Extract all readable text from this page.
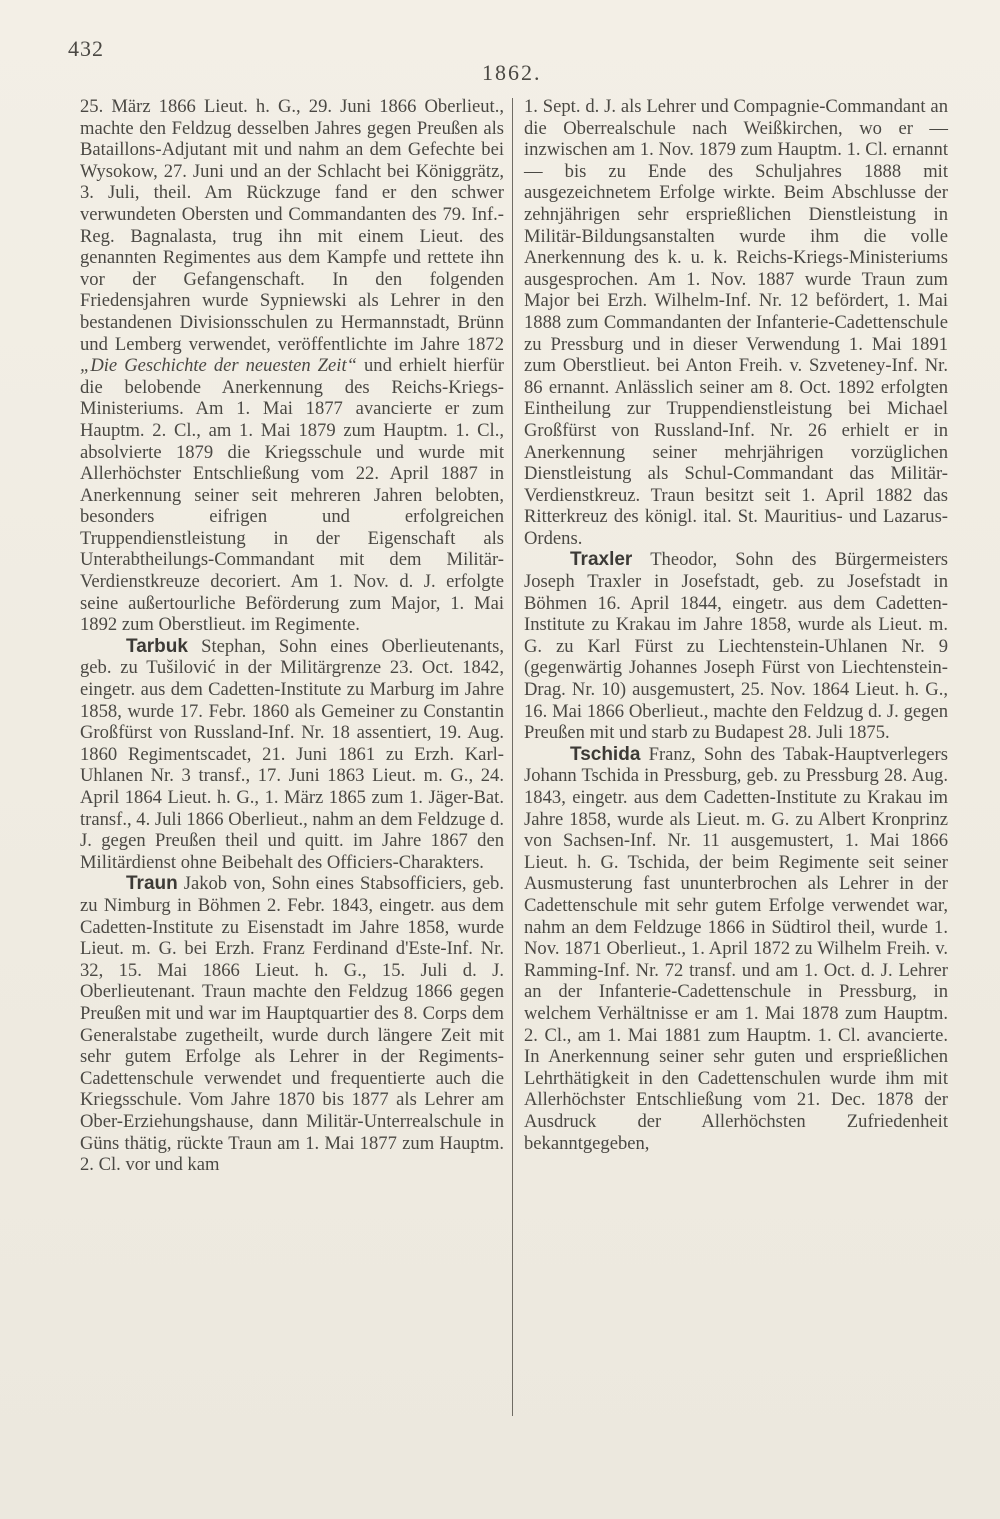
432
1862.

25. März 1866 Lieut. h. G., 29. Juni 1866 Oberlieut., machte den Feldzug desselben Jahres gegen Preußen als Bataillons-Adjutant mit und nahm an dem Gefechte bei Wysokow, 27. Juni und an der Schlacht bei Königgrätz, 3. Juli, theil. Am Rückzuge fand er den schwer verwundeten Obersten und Commandanten des 79. Inf.-Reg. Bagnalasta, trug ihn mit einem Lieut. des genannten Regimentes aus dem Kampfe und rettete ihn vor der Gefangenschaft. In den folgenden Friedensjahren wurde Sypniewski als Lehrer in den bestandenen Divisionsschulen zu Hermannstadt, Brünn und Lemberg verwendet, veröffentlichte im Jahre 1872 „Die Geschichte der neuesten Zeit“ und erhielt hierfür die belobende Anerkennung des Reichs-Kriegs-Ministeriums. Am 1. Mai 1877 avancierte er zum Hauptm. 2. Cl., am 1. Mai 1879 zum Hauptm. 1. Cl., absolvierte 1879 die Kriegsschule und wurde mit Allerhöchster Entschließung vom 22. April 1887 in Anerkennung seiner seit mehreren Jahren belobten, besonders eifrigen und erfolgreichen Truppendienstleistung in der Eigenschaft als Unterabtheilungs-Commandant mit dem Militär-Verdienstkreuze decoriert. Am 1. Nov. d. J. erfolgte seine außertourliche Beförderung zum Major, 1. Mai 1892 zum Oberstlieut. im Regimente.

Tarbuk Stephan, Sohn eines Oberlieutenants, geb. zu Tušilović in der Militärgrenze 23. Oct. 1842, eingetr. aus dem Cadetten-Institute zu Marburg im Jahre 1858, wurde 17. Febr. 1860 als Gemeiner zu Constantin Großfürst von Russland-Inf. Nr. 18 assentiert, 19. Aug. 1860 Regimentscadet, 21. Juni 1861 zu Erzh. Karl-Uhlanen Nr. 3 transf., 17. Juni 1863 Lieut. m. G., 24. April 1864 Lieut. h. G., 1. März 1865 zum 1. Jäger-Bat. transf., 4. Juli 1866 Oberlieut., nahm an dem Feldzuge d. J. gegen Preußen theil und quitt. im Jahre 1867 den Militärdienst ohne Beibehalt des Officiers-Charakters.

Traun Jakob von, Sohn eines Stabsofficiers, geb. zu Nimburg in Böhmen 2. Febr. 1843, eingetr. aus dem Cadetten-Institute zu Eisenstadt im Jahre 1858, wurde Lieut. m. G. bei Erzh. Franz Ferdinand d'Este-Inf. Nr. 32, 15. Mai 1866 Lieut. h. G., 15. Juli d. J. Oberlieutenant. Traun machte den Feldzug 1866 gegen Preußen mit und war im Hauptquartier des 8. Corps dem Generalstabe zugetheilt, wurde durch längere Zeit mit sehr gutem Erfolge als Lehrer in der Regiments-Cadettenschule verwendet und frequentierte auch die Kriegsschule. Vom Jahre 1870 bis 1877 als Lehrer am Ober-Erziehungshause, dann Militär-Unterrealschule in Güns thätig, rückte Traun am 1. Mai 1877 zum Hauptm. 2. Cl. vor und kam

1. Sept. d. J. als Lehrer und Compagnie-Commandant an die Oberrealschule nach Weißkirchen, wo er — inzwischen am 1. Nov. 1879 zum Hauptm. 1. Cl. ernannt — bis zu Ende des Schuljahres 1888 mit ausgezeichnetem Erfolge wirkte. Beim Abschlusse der zehnjährigen sehr ersprießlichen Dienstleistung in Militär-Bildungsanstalten wurde ihm die volle Anerkennung des k. u. k. Reichs-Kriegs-Ministeriums ausgesprochen. Am 1. Nov. 1887 wurde Traun zum Major bei Erzh. Wilhelm-Inf. Nr. 12 befördert, 1. Mai 1888 zum Commandanten der Infanterie-Cadettenschule zu Pressburg und in dieser Verwendung 1. Mai 1891 zum Oberstlieut. bei Anton Freih. v. Szveteney-Inf. Nr. 86 ernannt. Anlässlich seiner am 8. Oct. 1892 erfolgten Eintheilung zur Truppendienstleistung bei Michael Großfürst von Russland-Inf. Nr. 26 erhielt er in Anerkennung seiner mehrjährigen vorzüglichen Dienstleistung als Schul-Commandant das Militär-Verdienstkreuz. Traun besitzt seit 1. April 1882 das Ritterkreuz des königl. ital. St. Mauritius- und Lazarus-Ordens.

Traxler Theodor, Sohn des Bürgermeisters Joseph Traxler in Josefstadt, geb. zu Josefstadt in Böhmen 16. April 1844, eingetr. aus dem Cadetten-Institute zu Krakau im Jahre 1858, wurde als Lieut. m. G. zu Karl Fürst zu Liechtenstein-Uhlanen Nr. 9 (gegenwärtig Johannes Joseph Fürst von Liechtenstein-Drag. Nr. 10) ausgemustert, 25. Nov. 1864 Lieut. h. G., 16. Mai 1866 Oberlieut., machte den Feldzug d. J. gegen Preußen mit und starb zu Budapest 28. Juli 1875.

Tschida Franz, Sohn des Tabak-Hauptverlegers Johann Tschida in Pressburg, geb. zu Pressburg 28. Aug. 1843, eingetr. aus dem Cadetten-Institute zu Krakau im Jahre 1858, wurde als Lieut. m. G. zu Albert Kronprinz von Sachsen-Inf. Nr. 11 ausgemustert, 1. Mai 1866 Lieut. h. G. Tschida, der beim Regimente seit seiner Ausmusterung fast ununterbrochen als Lehrer in der Cadettenschule mit sehr gutem Erfolge verwendet war, nahm an dem Feldzuge 1866 in Südtirol theil, wurde 1. Nov. 1871 Oberlieut., 1. April 1872 zu Wilhelm Freih. v. Ramming-Inf. Nr. 72 transf. und am 1. Oct. d. J. Lehrer an der Infanterie-Cadettenschule in Pressburg, in welchem Verhältnisse er am 1. Mai 1878 zum Hauptm. 2. Cl., am 1. Mai 1881 zum Hauptm. 1. Cl. avancierte. In Anerkennung seiner sehr guten und ersprießlichen Lehrthätigkeit in den Cadettenschulen wurde ihm mit Allerhöchster Entschließung vom 21. Dec. 1878 der Ausdruck der Allerhöchsten Zufriedenheit bekanntgegeben,
